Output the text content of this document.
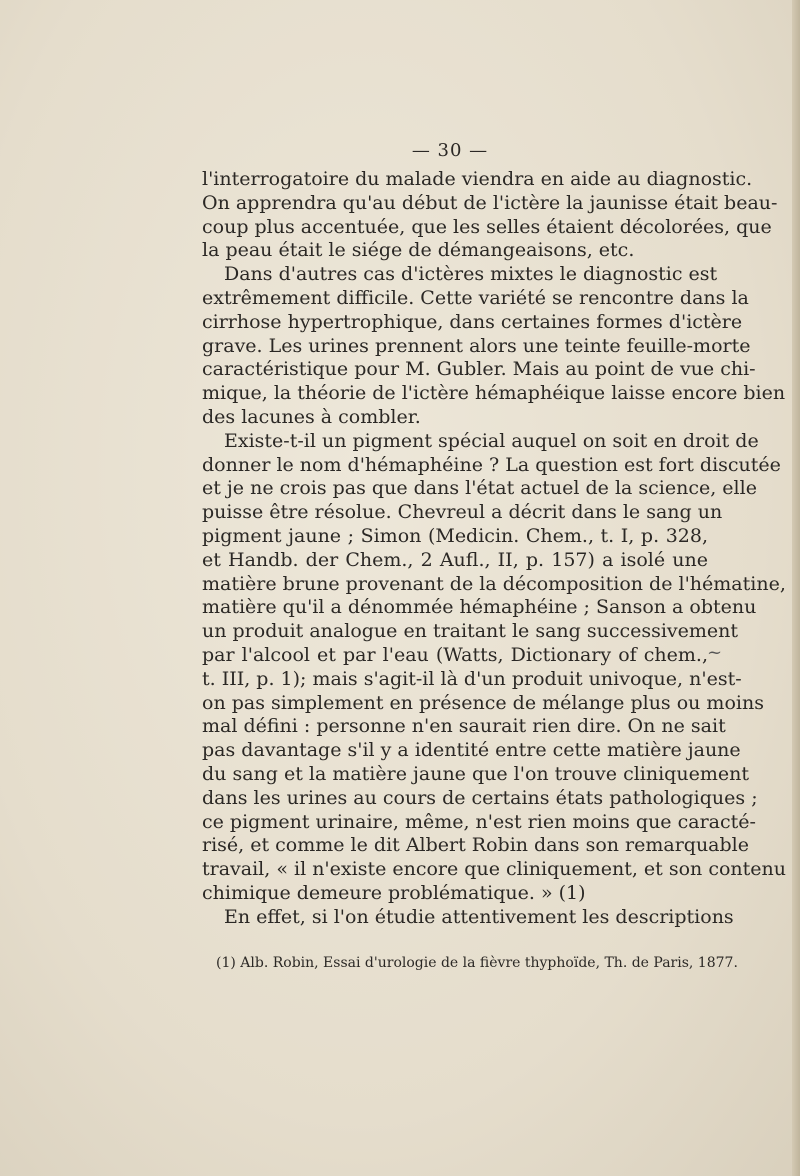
— 30 —
l'interrogatoire du malade viendra en aide au diagnostic.
On apprendra qu'au début de l'ictère la jaunisse était beau-
coup plus accentuée, que les selles étaient décolorées, que
la peau était le siége de démangeaisons, etc.
Dans d'autres cas d'ictères mixtes le diagnostic est
extrêmement difficile. Cette variété se rencontre dans la
cirrhose hypertrophique, dans certaines formes d'ictère
grave. Les urines prennent alors une teinte feuille-morte
caractéristique pour M. Gubler. Mais au point de vue chi-
mique, la théorie de l'ictère hémaphéique laisse encore bien
des lacunes à combler.
Existe-t-il un pigment spécial auquel on soit en droit de
donner le nom d'hémaphéine ? La question est fort discutée
et je ne crois pas que dans l'état actuel de la science, elle
puisse être résolue. Chevreul a décrit dans le sang un
pigment jaune ; Simon (Medicin. Chem., t. I, p. 328,
et Handb. der Chem., 2 Aufl., II, p. 157) a isolé une
matière brune provenant de la décomposition de l'hématine,
matière qu'il a dénommée hémaphéine ; Sanson a obtenu
un produit analogue en traitant le sang successivement
par l'alcool et par l'eau (Watts, Dictionary of chem.,
t. III, p. 1); mais s'agit-il là d'un produit univoque, n'est-
on pas simplement en présence de mélange plus ou moins
mal défini : personne n'en saurait rien dire. On ne sait
pas davantage s'il y a identité entre cette matière jaune
du sang et la matière jaune que l'on trouve cliniquement
dans les urines au cours de certains états pathologiques ;
ce pigment urinaire, même, n'est rien moins que caracté-
risé, et comme le dit Albert Robin dans son remarquable
travail, « il n'existe encore que cliniquement, et son contenu
chimique demeure problématique. » (1)
En effet, si l'on étudie attentivement les descriptions
~
(1) Alb. Robin, Essai d'urologie de la fièvre thyphoïde, Th. de Paris, 1877.
